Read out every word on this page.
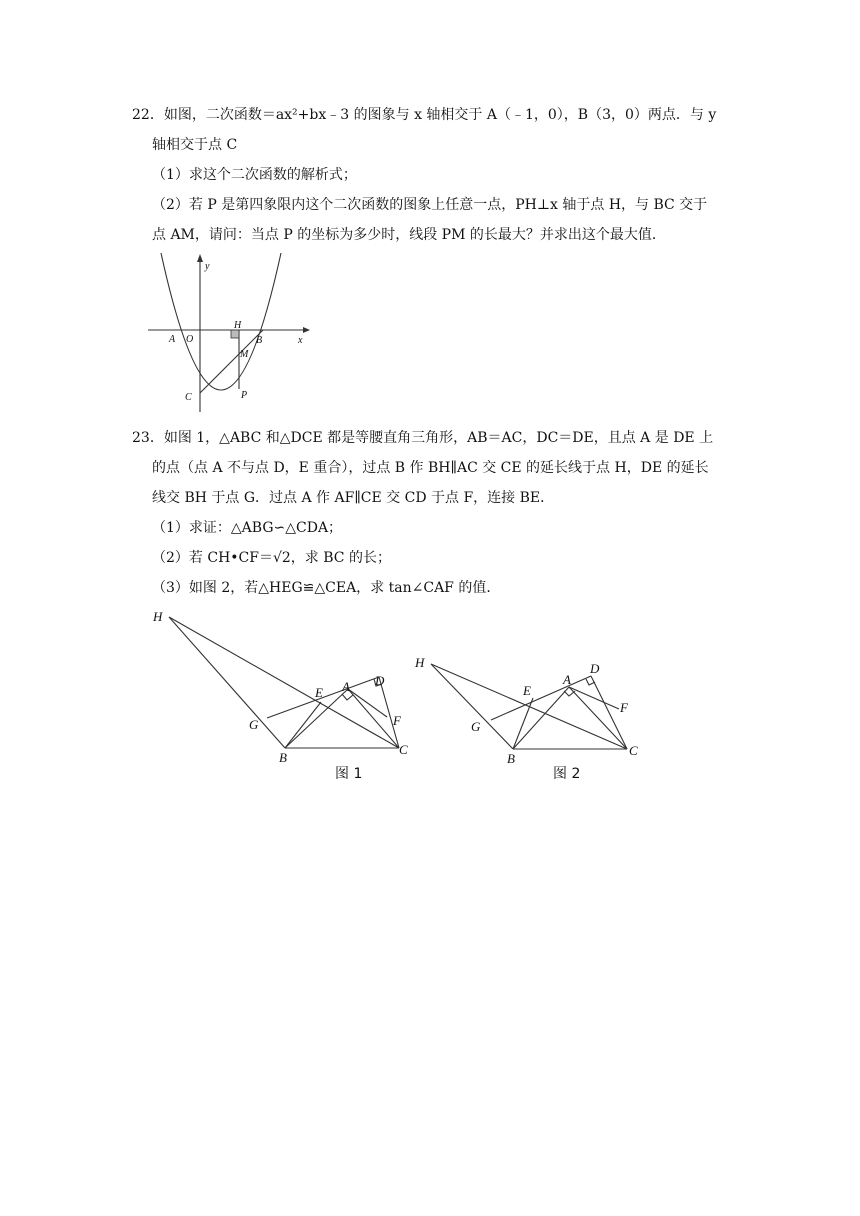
22．如图，二次函数＝ax²+bx﹣3 的图象与 x 轴相交于 A（﹣1，0），B（3，0）两点．与 y
轴相交于点 C
（1）求这个二次函数的解析式；
（2）若 P 是第四象限内这个二次函数的图象上任意一点，PH⊥x 轴于点 H，与 BC 交于
点 AM，请问：当点 P 的坐标为多少时，线段 PM 的长最大？并求出这个最大值．
y
x
A O
H
B
M
C	P
23．如图 1，△ABC 和△DCE 都是等腰直角三角形，AB＝AC，DC＝DE，且点 A 是 DE 上
的点（点 A 不与点 D，E 重合），过点 B 作 BH∥AC 交 CE 的延长线于点 H，DE 的延长
线交 BH 于点 G．过点 A 作 AF∥CE 交 CD 于点 F，连接 BE．
（1）求证：△ABG∽△CDA；
（2）若 CH•CF＝√2，求 BC 的长；
（3）如图 2，若△HEG≌△CEA，求 tan∠CAF 的值．
H
E A D
G	F
B
C
图 1
H
E
A
D
G
F
B
C
图 2
